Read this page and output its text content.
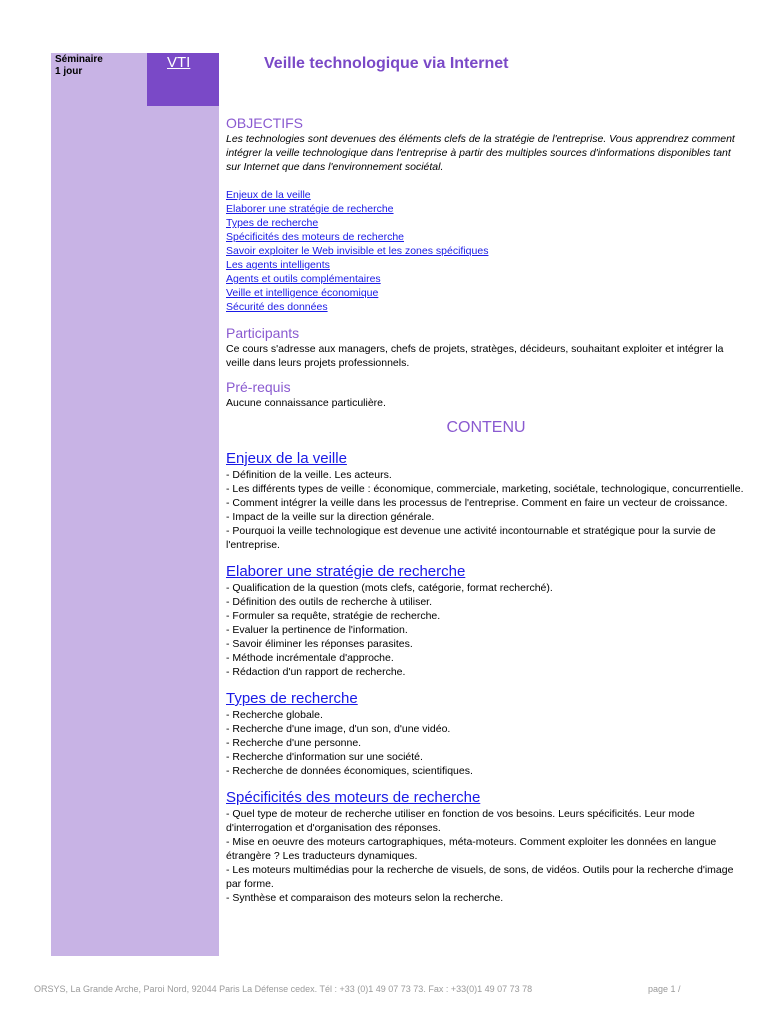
Séminaire
1 jour
VTI	Veille technologique via Internet
OBJECTIFS
Les technologies sont devenues des éléments clefs de la stratégie de l'entreprise. Vous apprendrez comment intégrer la veille technologique dans l'entreprise à partir des multiples sources d'informations disponibles tant sur Internet que dans l'environnement sociétal.
Enjeux de la veille
Elaborer une stratégie de recherche
Types de recherche
Spécificités des moteurs de recherche
Savoir exploiter le Web invisible et les zones spécifiques
Les agents intelligents
Agents et outils complémentaires
Veille et intelligence économique
Sécurité des données
Participants
Ce cours s'adresse aux managers, chefs de projets, stratèges, décideurs, souhaitant exploiter et intégrer la veille dans leurs projets professionnels.
Pré-requis
Aucune connaissance particulière.
CONTENU
Enjeux de la veille
- Définition de la veille. Les acteurs.
- Les différents types de veille : économique, commerciale, marketing, sociétale, technologique, concurrentielle.
- Comment intégrer la veille dans les processus de l'entreprise. Comment en faire un vecteur de croissance.
- Impact de la veille sur la direction générale.
- Pourquoi la veille technologique est devenue une activité incontournable et stratégique pour la survie de l'entreprise.
Elaborer une stratégie de recherche
- Qualification de la question (mots clefs, catégorie, format recherché).
- Définition des outils de recherche à utiliser.
- Formuler sa requête, stratégie de recherche.
- Evaluer la pertinence de l'information.
- Savoir éliminer les réponses parasites.
- Méthode incrémentale d'approche.
- Rédaction d'un rapport de recherche.
Types de recherche
- Recherche globale.
- Recherche d'une image, d'un son, d'une vidéo.
- Recherche d'une personne.
- Recherche d'information sur une société.
- Recherche de données économiques, scientifiques.
Spécificités des moteurs de recherche
- Quel type de moteur de recherche utiliser en fonction de vos besoins. Leurs spécificités. Leur mode d'interrogation et d'organisation des réponses.
- Mise en oeuvre des moteurs cartographiques, méta-moteurs. Comment exploiter les données en langue étrangère ? Les traducteurs dynamiques.
- Les moteurs multimédias pour la recherche de visuels, de sons, de vidéos. Outils pour la recherche d'image par forme.
- Synthèse et comparaison des moteurs selon la recherche.
ORSYS, La Grande Arche, Paroi Nord, 92044 Paris La Défense cedex. Tél : +33 (0)1 49 07 73 73. Fax : +33(0)1 49 07 73 78	page 1 /
